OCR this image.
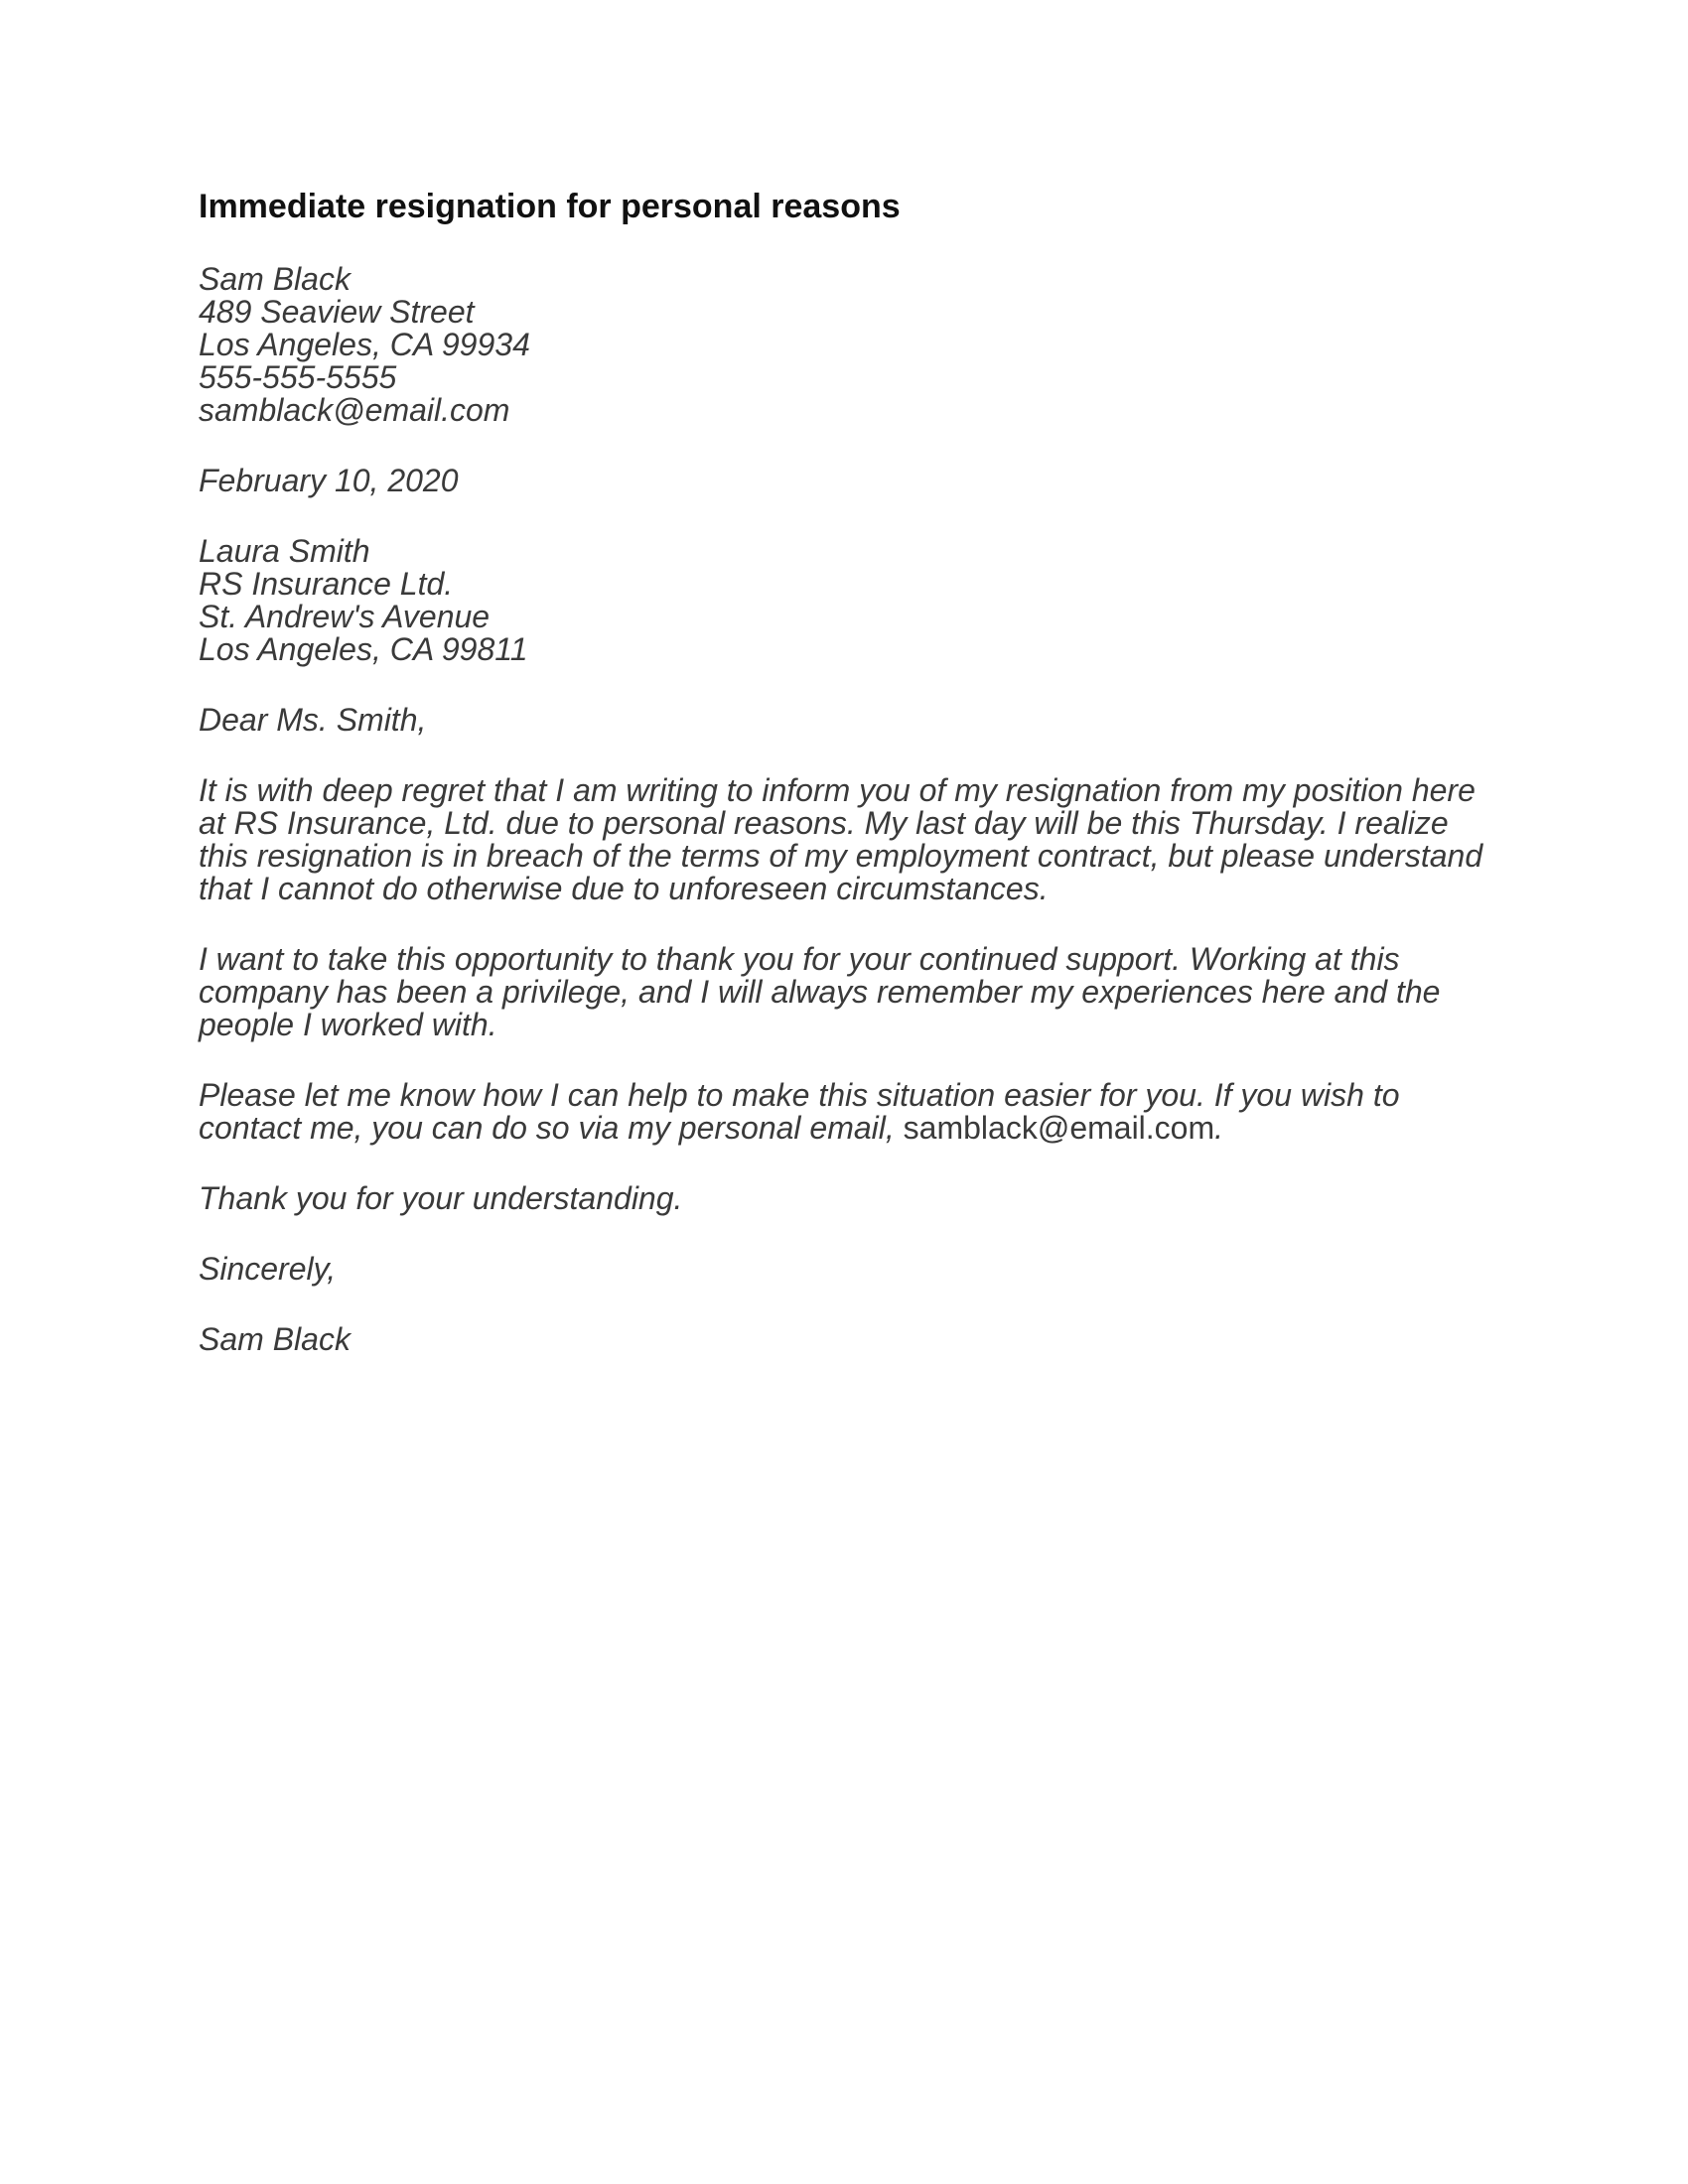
Immediate resignation for personal reasons
Sam Black
489 Seaview Street
Los Angeles, CA 99934
555-555-5555
samblack@email.com
February 10, 2020
Laura Smith
RS Insurance Ltd.
St. Andrew's Avenue
Los Angeles, CA 99811

Dear Ms. Smith,

It is with deep regret that I am writing to inform you of my resignation from my position here at RS Insurance, Ltd. due to personal reasons. My last day will be this Thursday. I realize this resignation is in breach of the terms of my employment contract, but please understand that I cannot do otherwise due to unforeseen circumstances.

I want to take this opportunity to thank you for your continued support. Working at this company has been a privilege, and I will always remember my experiences here and the people I worked with.

Please let me know how I can help to make this situation easier for you. If you wish to contact me, you can do so via my personal email, samblack@email.com.

Thank you for your understanding.

Sincerely,

Sam Black
